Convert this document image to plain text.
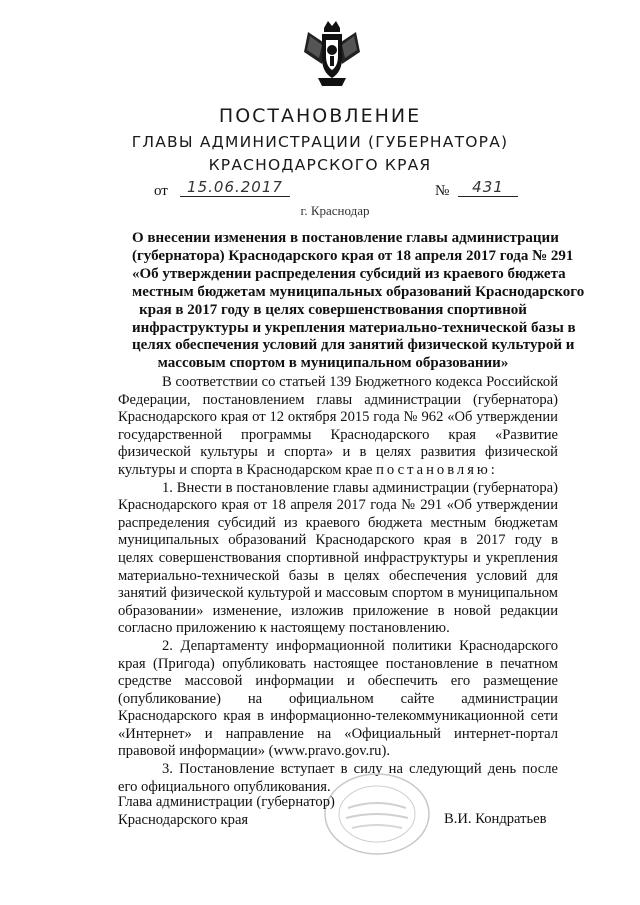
ПОСТАНОВЛЕНИЕ
ГЛАВЫ АДМИНИСТРАЦИИ (ГУБЕРНАТОРА)
КРАСНОДАРСКОГО КРАЯ
от	15.06.2017	№	431
г. Краснодар
О внесении изменения в постановление главы администрации
(губернатора) Краснодарского края от 18 апреля 2017 года № 291
«Об утверждении распределения субсидий из краевого бюджета
местным бюджетам муниципальных образований Краснодарского
края в 2017 году в целях совершенствования спортивной
инфраструктуры и укрепления материально-технической базы в
целях обеспечения условий для занятий физической культурой и
массовым спортом в муниципальном образовании»

В соответствии со статьей 139 Бюджетного кодекса Российской Федерации, постановлением главы администрации (губернатора) Краснодарского края от 12 октября 2015 года № 962 «Об утверждении государственной программы Краснодарского края «Развитие физической культуры и спорта» и в целях развития физической культуры и спорта в Краснодарском крае постановляю:

1. Внести в постановление главы администрации (губернатора) Краснодарского края от 18 апреля 2017 года № 291 «Об утверждении распределения субсидий из краевого бюджета местным бюджетам муниципальных образований Краснодарского края в 2017 году в целях совершенствования спортивной инфраструктуры и укрепления материально-технической базы в целях обеспечения условий для занятий физической культурой и массовым спортом в муниципальном образовании» изменение, изложив приложение в новой редакции согласно приложению к настоящему постановлению.

2. Департаменту информационной политики Краснодарского края (Пригода) опубликовать настоящее постановление в печатном средстве массовой информации и обеспечить его размещение (опубликование) на официальном сайте администрации Краснодарского края в информационно-телекоммуникационной сети «Интернет» и направление на «Официальный интернет-портал правовой информации» (www.pravo.gov.ru).

3. Постановление вступает в силу на следующий день после его официального опубликования.

Глава администрации (губернатор)
Краснодарского края	В.И. Кондратьев
